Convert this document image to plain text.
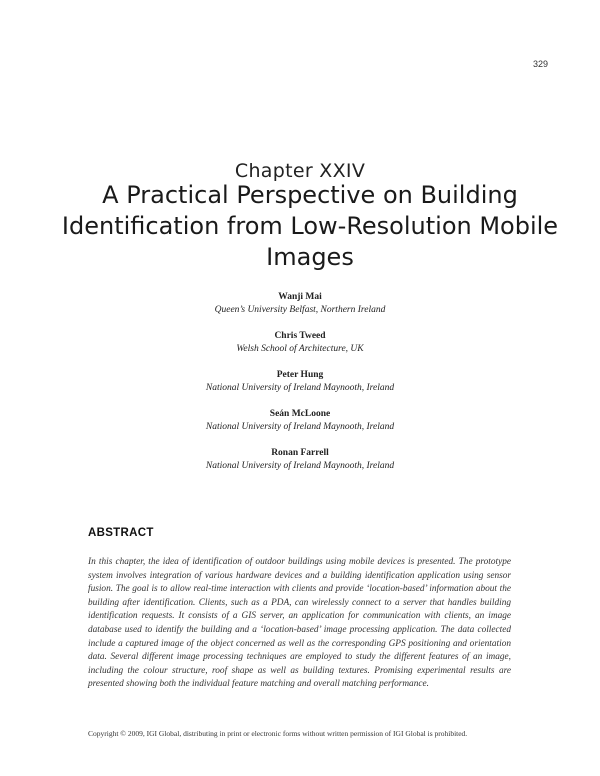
329
Chapter XXIV
A Practical Perspective on Building Identification from Low-Resolution Mobile Images
Wanji Mai
Queen’s University Belfast, Northern Ireland
Chris Tweed
Welsh School of Architecture, UK
Peter Hung
National University of Ireland Maynooth, Ireland
Seán McLoone
National University of Ireland Maynooth, Ireland
Ronan Farrell
National University of Ireland Maynooth, Ireland
ABSTRACT

In this chapter, the idea of identification of outdoor buildings using mobile devices is presented. The prototype system involves integration of various hardware devices and a building identification application using sensor fusion. The goal is to allow real-time interaction with clients and provide ‘location-based’ information about the building after identification. Clients, such as a PDA, can wirelessly connect to a server that handles building identification requests. It consists of a GIS server, an application for communication with clients, an image database used to identify the building and a ‘location-based’ image processing application. The data collected include a captured image of the object concerned as well as the corresponding GPS positioning and orientation data. Several different image processing techniques are employed to study the different features of an image, including the colour structure, roof shape as well as building textures. Promising experimental results are presented showing both the individual feature matching and overall matching performance.

Copyright © 2009, IGI Global, distributing in print or electronic forms without written permission of IGI Global is prohibited.
